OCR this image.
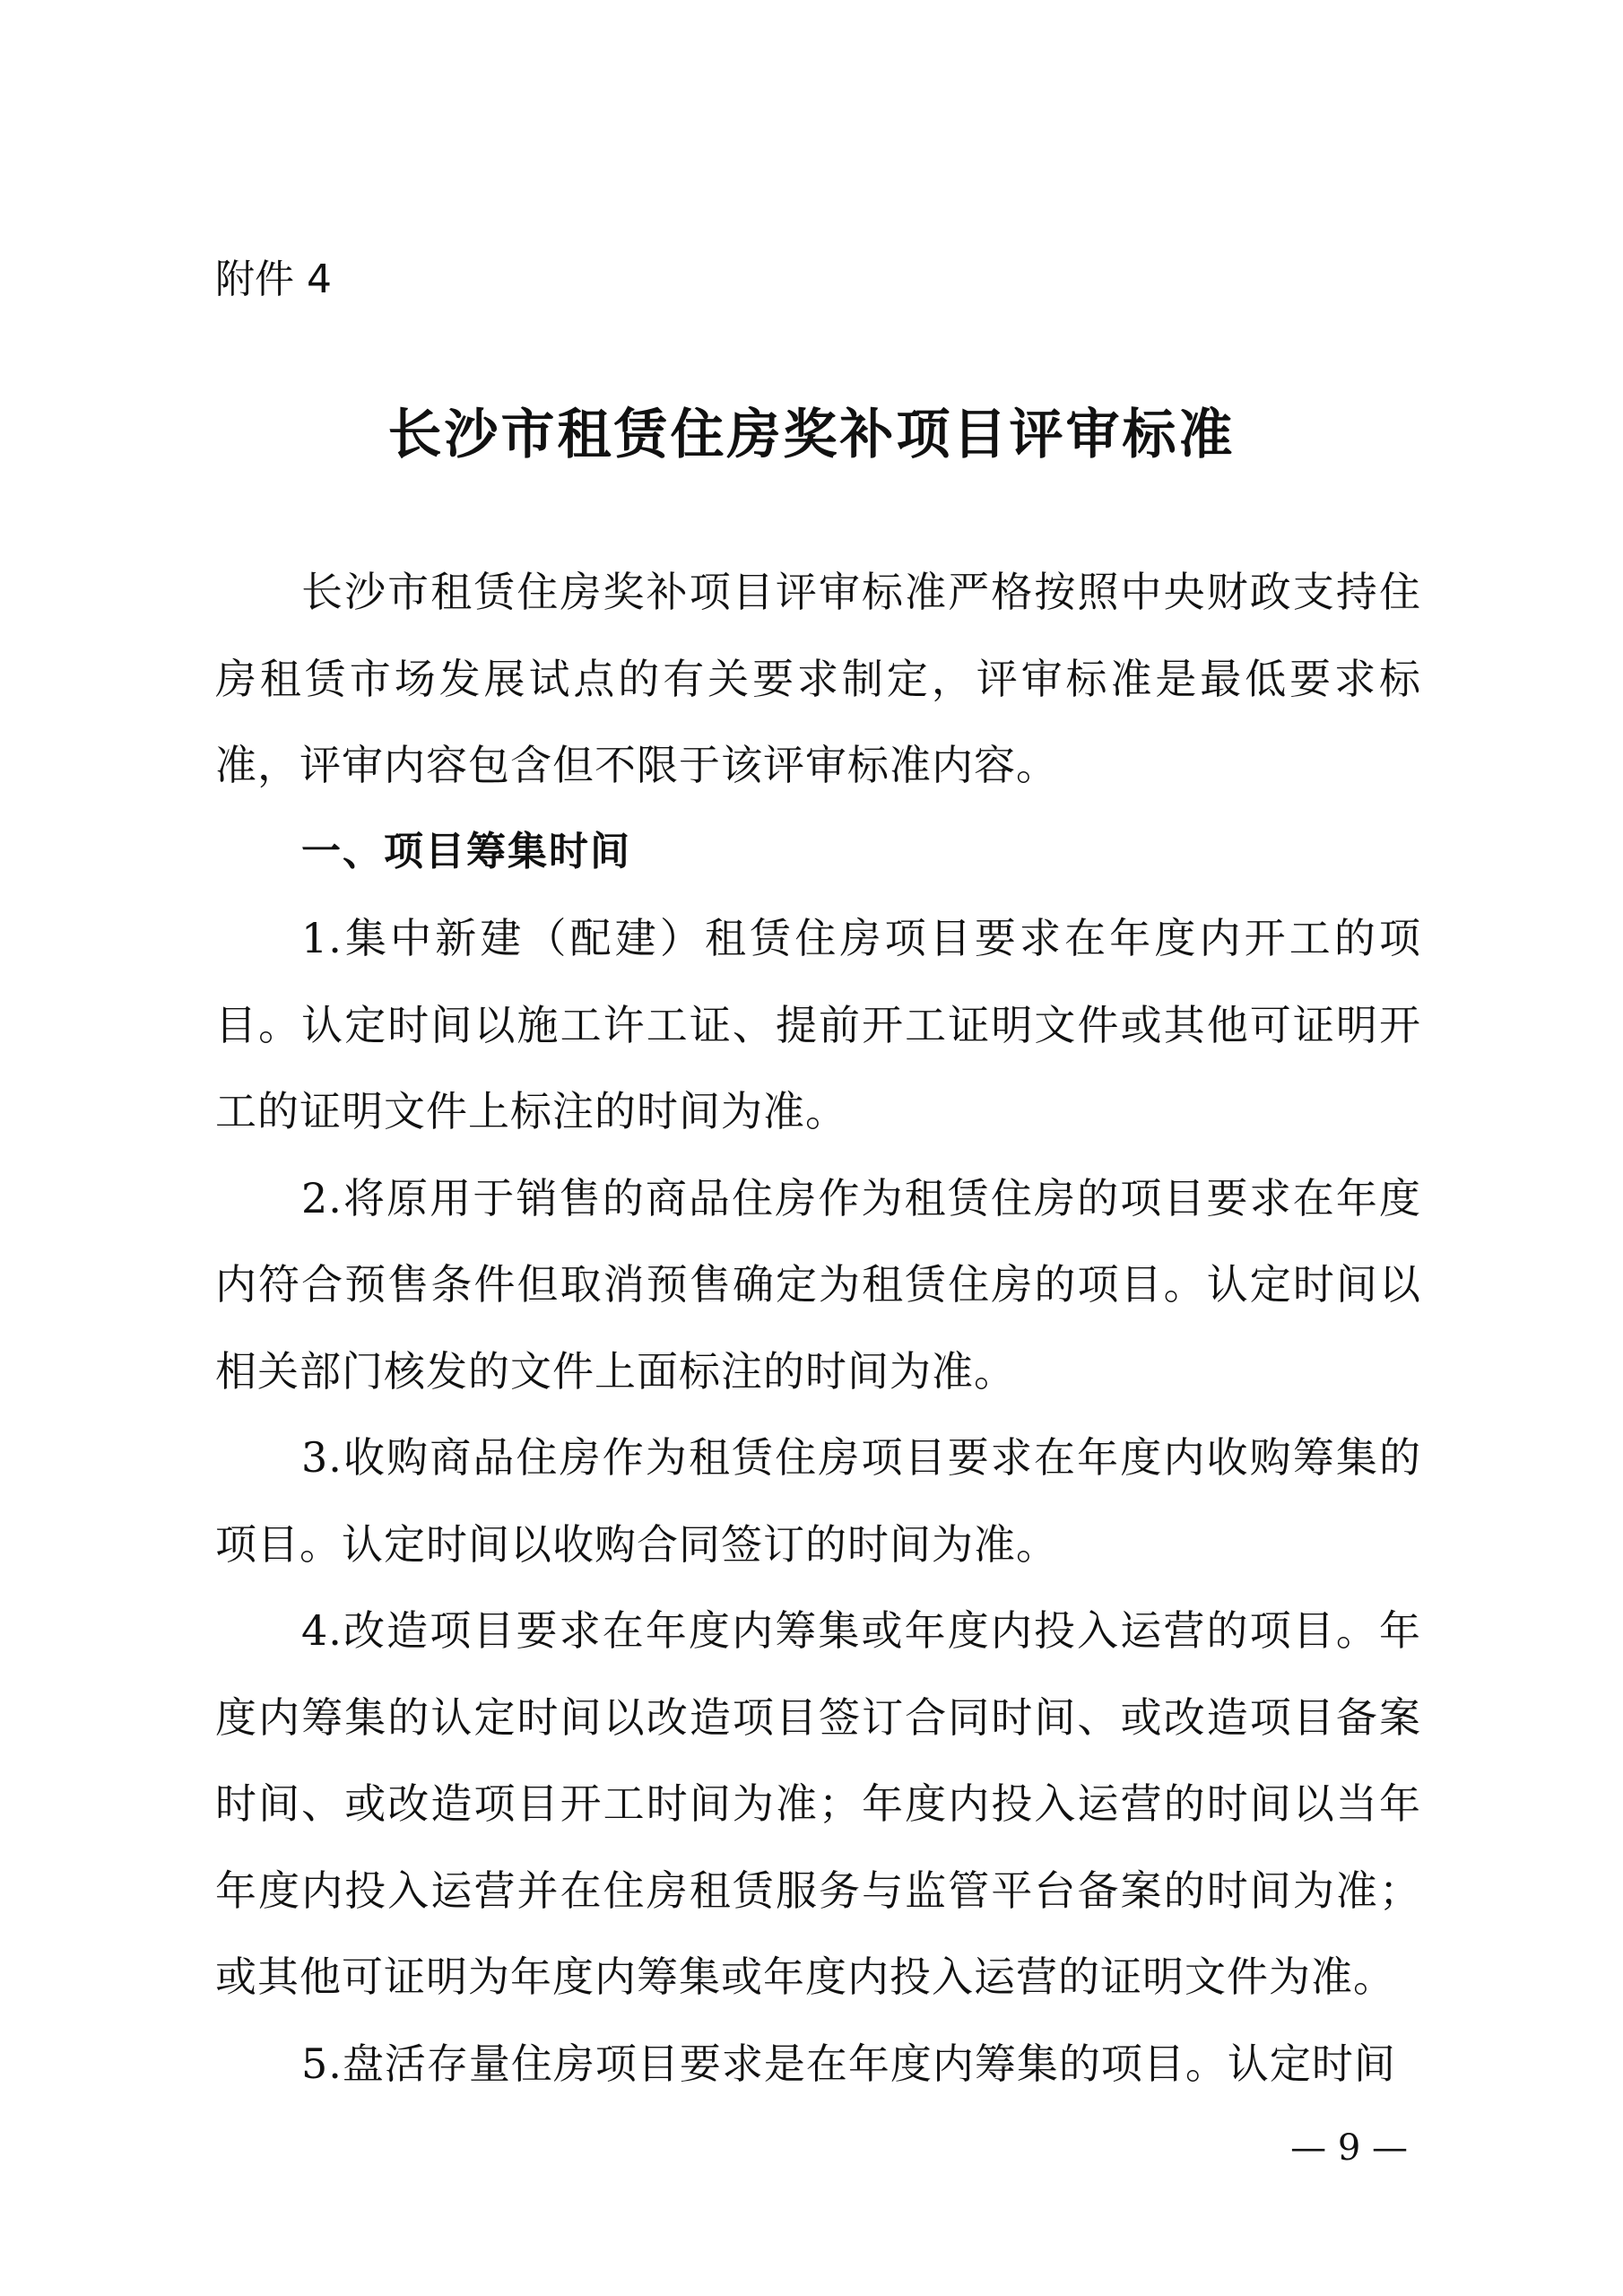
附件 4
长沙市租赁住房奖补项目评审标准

长沙市租赁住房奖补项目评审标准严格按照中央财政支持住房租赁市场发展试点的有关要求制定，评审标准是最低要求标准，评审内容包含但不限于该评审标准内容。

一、项目筹集时间

1.集中新建（配建）租赁住房项目要求在年度内开工的项目。认定时间以施工许工证、提前开工证明文件或其他可证明开工的证明文件上标注的时间为准。

2.将原用于销售的商品住房作为租赁住房的项目要求在年度内符合预售条件但取消预售确定为租赁住房的项目。认定时间以相关部门核发的文件上面标注的时间为准。

3.收购商品住房作为租赁住房项目要求在年度内收购筹集的项目。认定时间以收购合同签订的时间为准。

4.改造项目要求在年度内筹集或年度内投入运营的项目。年度内筹集的认定时间以改造项目签订合同时间、或改造项目备案时间、或改造项目开工时间为准；年度内投入运营的时间以当年年度内投入运营并在住房租赁服务与监管平台备案的时间为准；或其他可证明为年度内筹集或年度内投入运营的证明文件为准。

5.盘活存量住房项目要求是在年度内筹集的项目。认定时间

— 9 —
